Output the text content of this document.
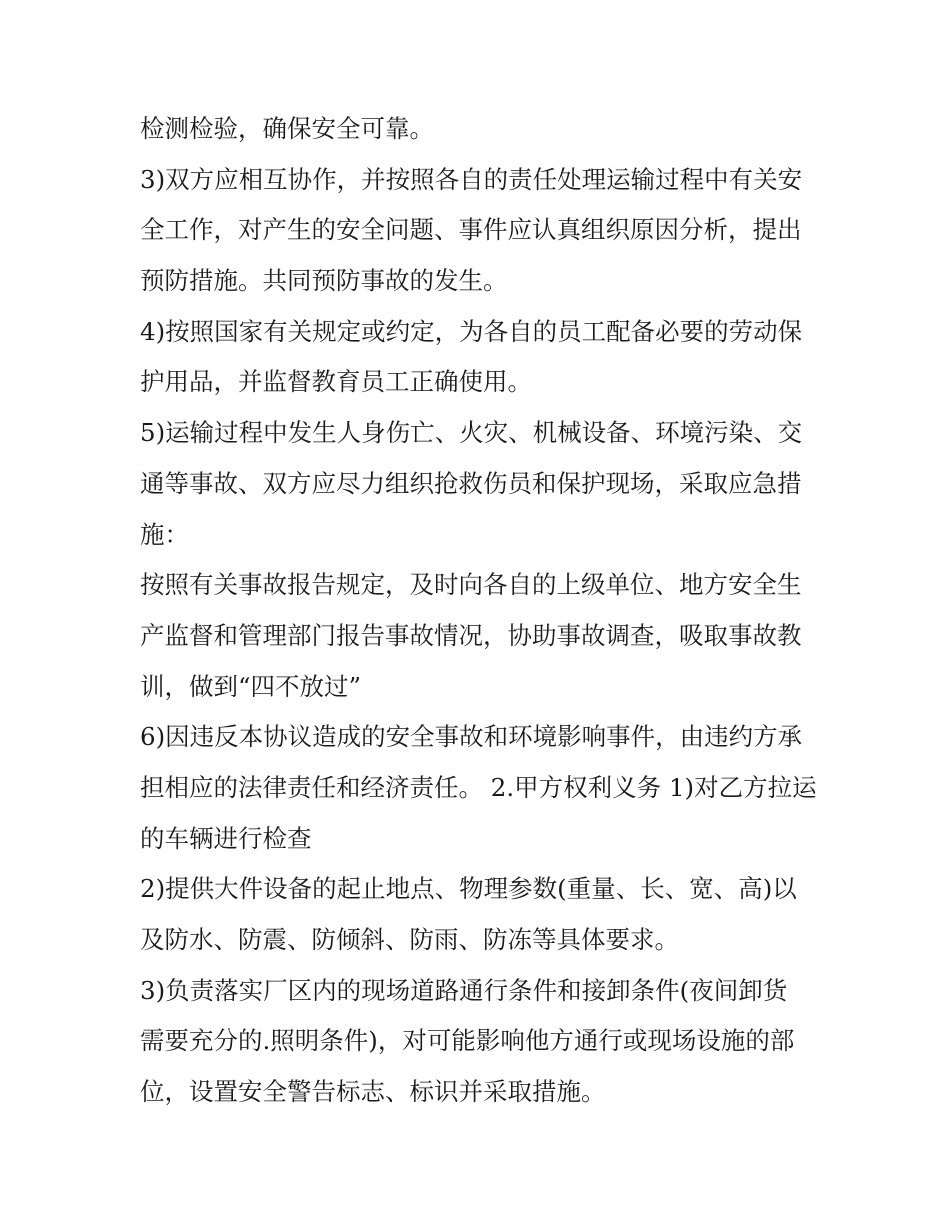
检测检验，确保安全可靠。
3)双方应相互协作，并按照各自的责任处理运输过程中有关安
全工作，对产生的安全问题、事件应认真组织原因分析，提出
预防措施。共同预防事故的发生。
4)按照国家有关规定或约定，为各自的员工配备必要的劳动保
护用品，并监督教育员工正确使用。
5)运输过程中发生人身伤亡、火灾、机械设备、环境污染、交
通等事故、双方应尽力组织抢救伤员和保护现场，采取应急措
施：
按照有关事故报告规定，及时向各自的上级单位、地方安全生
产监督和管理部门报告事故情况，协助事故调查，吸取事故教
训，做到“四不放过”
6)因违反本协议造成的安全事故和环境影响事件，由违约方承
担相应的法律责任和经济责任。 2.甲方权利义务 1)对乙方拉运
的车辆进行检查
2)提供大件设备的起止地点、物理参数(重量、长、宽、高)以
及防水、防震、防倾斜、防雨、防冻等具体要求。
3)负责落实厂区内的现场道路通行条件和接卸条件(夜间卸货
需要充分的.照明条件)，对可能影响他方通行或现场设施的部
位，设置安全警告标志、标识并采取措施。
